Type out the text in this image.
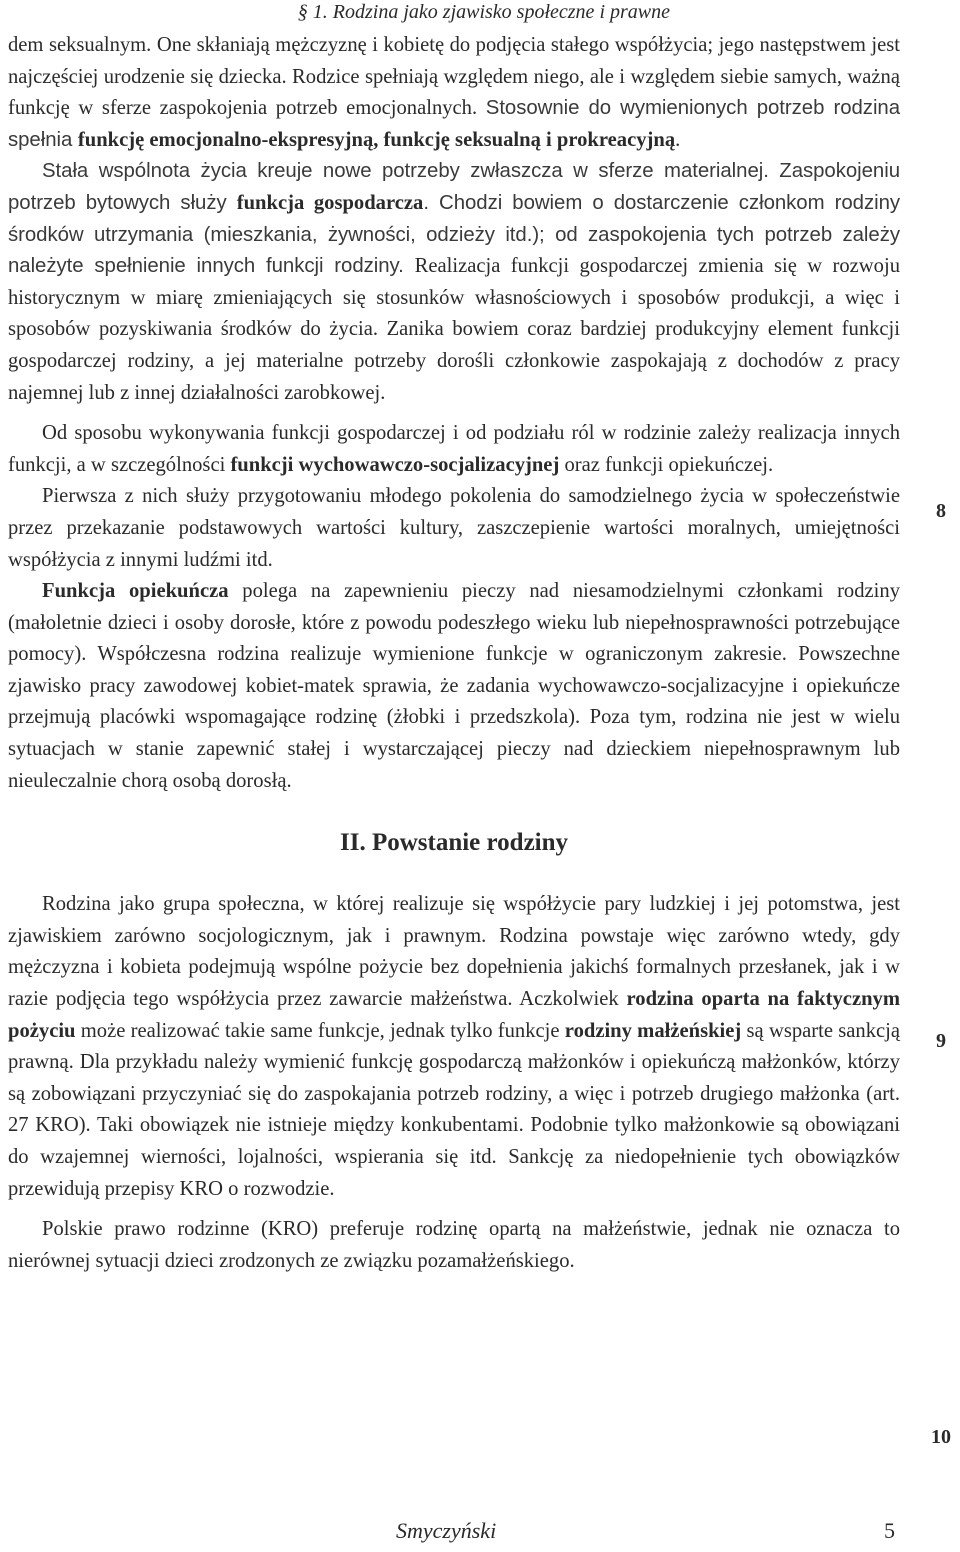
§ 1. Rodzina jako zjawisko społeczne i prawne

dem seksualnym. One skłaniają mężczyznę i kobietę do podjęcia stałego współżycia; jego następstwem jest najczęściej urodzenie się dziecka. Rodzice spełniają względem niego, ale i względem siebie samych, ważną funkcję w sferze zaspokojenia potrzeb emocjonalnych. Stosownie do wymienionych potrzeb rodzina spełnia funkcję emocjonalno-ekspresyjną, funkcję seksualną i prokreacyjną.

Stała wspólnota życia kreuje nowe potrzeby zwłaszcza w sferze materialnej. Zaspokojeniu potrzeb bytowych służy funkcja gospodarcza. Chodzi bowiem o dostarczenie członkom rodziny środków utrzymania (mieszkania, żywności, odzieży itd.); od zaspokojenia tych potrzeb zależy należyte spełnienie innych funkcji rodziny. Realizacja funkcji gospodarczej zmienia się w rozwoju historycznym w miarę zmieniających się stosunków własnościowych i sposobów produkcji, a więc i sposobów pozyskiwania środków do życia. Zanika bowiem coraz bardziej produkcyjny element funkcji gospodarczej rodziny, a jej materialne potrzeby dorośli członkowie zaspokajają z dochodów z pracy najemnej lub z innej działalności zarobkowej.

Od sposobu wykonywania funkcji gospodarczej i od podziału ról w rodzinie zależy realizacja innych funkcji, a w szczególności funkcji wychowawczo-socjalizacyjnej oraz funkcji opiekuńczej.

Pierwsza z nich służy przygotowaniu młodego pokolenia do samodzielnego życia w społeczeństwie przez przekazanie podstawowych wartości kultury, zaszczepienie wartości moralnych, umiejętności współżycia z innymi ludźmi itd.

Funkcja opiekuńcza polega na zapewnieniu pieczy nad niesamodzielnymi członkami rodziny (małoletnie dzieci i osoby dorosłe, które z powodu podeszłego wieku lub niepełnosprawności potrzebujące pomocy). Współczesna rodzina realizuje wymienione funkcje w ograniczonym zakresie. Powszechne zjawisko pracy zawodowej kobiet-matek sprawia, że zadania wychowawczo-socjalizacyjne i opiekuńcze przejmują placówki wspomagające rodzinę (żłobki i przedszkola). Poza tym, rodzina nie jest w wielu sytuacjach w stanie zapewnić stałej i wystarczającej pieczy nad dzieckiem niepełnosprawnym lub nieuleczalnie chorą osobą dorosłą.

II. Powstanie rodziny

Rodzina jako grupa społeczna, w której realizuje się współżycie pary ludzkiej i jej potomstwa, jest zjawiskiem zarówno socjologicznym, jak i prawnym. Rodzina powstaje więc zarówno wtedy, gdy mężczyzna i kobieta podejmują wspólne pożycie bez dopełnienia jakichś formalnych przesłanek, jak i w razie podjęcia tego współżycia przez zawarcie małżeństwa. Aczkolwiek rodzina oparta na faktycznym pożyciu może realizować takie same funkcje, jednak tylko funkcje rodziny małżeńskiej są wsparte sankcją prawną. Dla przykładu należy wymienić funkcję gospodarczą małżonków i opiekuńczą małżonków, którzy są zobowiązani przyczyniać się do zaspokajania potrzeb rodziny, a więc i potrzeb drugiego małżonka (art. 27 KRO). Taki obowiązek nie istnieje między konkubentami. Podobnie tylko małżonkowie są obowiązani do wzajemnej wierności, lojalności, wspierania się itd. Sankcję za niedopełnienie tych obowiązków przewidują przepisy KRO o rozwodzie.

Polskie prawo rodzinne (KRO) preferuje rodzinę opartą na małżeństwie, jednak nie oznacza to nierównej sytuacji dzieci zrodzonych ze związku pozamałżeńskiego.

8
9
10
Smyczyński	5
